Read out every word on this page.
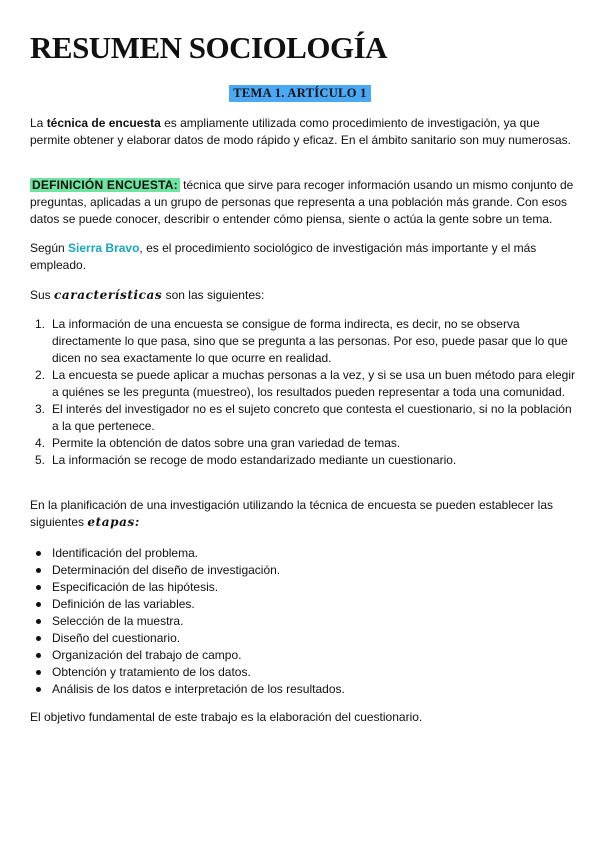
RESUMEN SOCIOLOGÍA
TEMA 1. ARTÍCULO 1

La técnica de encuesta es ampliamente utilizada como procedimiento de investigación, ya que permite obtener y elaborar datos de modo rápido y eficaz. En el ámbito sanitario son muy numerosas.

DEFINICIÓN ENCUESTA: técnica que sirve para recoger información usando un mismo conjunto de preguntas, aplicadas a un grupo de personas que representa a una población más grande. Con esos datos se puede conocer, describir o entender cómo piensa, siente o actúa la gente sobre un tema.

Según Sierra Bravo, es el procedimiento sociológico de investigación más importante y el más empleado.

Sus características son las siguientes:

1. La información de una encuesta se consigue de forma indirecta, es decir, no se observa directamente lo que pasa, sino que se pregunta a las personas. Por eso, puede pasar que lo que dicen no sea exactamente lo que ocurre en realidad.
2. La encuesta se puede aplicar a muchas personas a la vez, y si se usa un buen método para elegir a quiénes se les pregunta (muestreo), los resultados pueden representar a toda una comunidad.
3. El interés del investigador no es el sujeto concreto que contesta el cuestionario, si no la población a la que pertenece.
4. Permite la obtención de datos sobre una gran variedad de temas.
5. La información se recoge de modo estandarizado mediante un cuestionario.

En la planificación de una investigación utilizando la técnica de encuesta se pueden establecer las siguientes etapas:

Identificación del problema.
Determinación del diseño de investigación.
Especificación de las hipótesis.
Definición de las variables.
Selección de la muestra.
Diseño del cuestionario.
Organización del trabajo de campo.
Obtención y tratamiento de los datos.
Análisis de los datos e interpretación de los resultados.

El objetivo fundamental de este trabajo es la elaboración del cuestionario.
